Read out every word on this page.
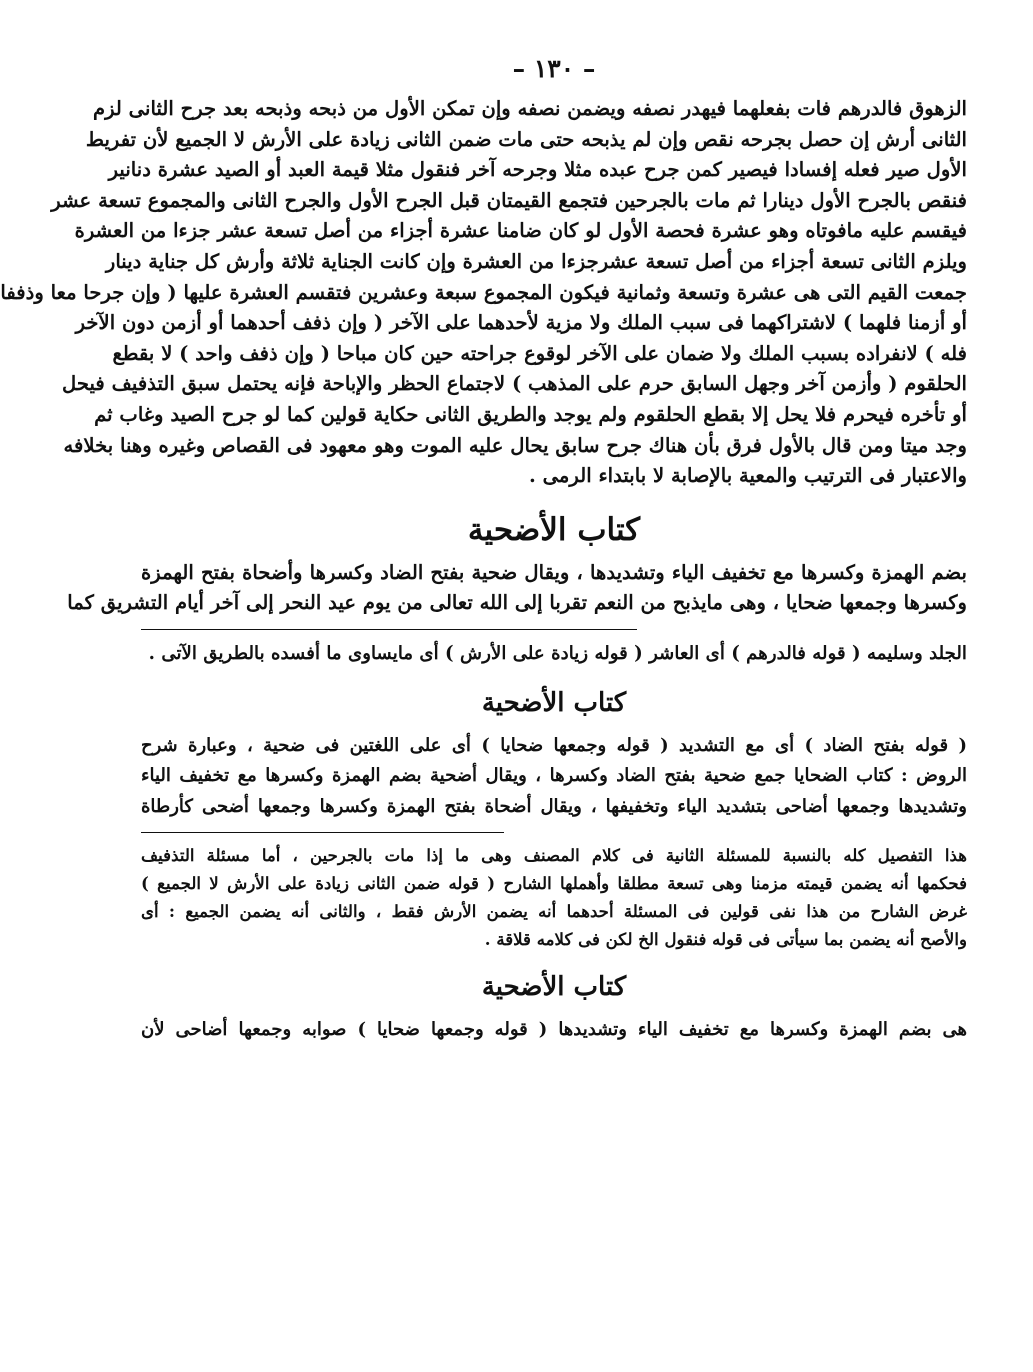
– ١٣٠ –
الزهوق فالدرهم فات بفعلهما فيهدر نصفه ويضمن نصفه وإن تمكن الأول من ذبحه وذبحه بعد جرح الثانى لزم
الثانى أرش إن حصل بجرحه نقص وإن لم يذبحه حتى مات ضمن الثانى زيادة على الأرش لا الجميع لأن تفريط
الأول صير فعله إفسادا فيصير كمن جرح عبده مثلا وجرحه آخر فنقول مثلا قيمة العبد أو الصيد عشرة دنانير
فنقص بالجرح الأول دينارا ثم مات بالجرحين فتجمع القيمتان قبل الجرح الأول والجرح الثانى والمجموع تسعة عشر
فيقسم عليه مافوتاه وهو عشرة فحصة الأول لو كان ضامنا عشرة أجزاء من أصل تسعة عشر جزءا من العشرة
ويلزم الثانى تسعة أجزاء من أصل تسعة عشرجزءا من العشرة وإن كانت الجناية ثلاثة وأرش كل جناية دينار
جمعت القيم التى هى عشرة وتسعة وثمانية فيكون المجموع سبعة وعشرين فتقسم العشرة عليها ( وإن جرحا معا وذففا
أو أزمنا فلهما ) لاشتراكهما فى سبب الملك ولا مزية لأحدهما على الآخر ( وإن ذفف أحدهما أو أزمن دون الآخر
فله ) لانفراده بسبب الملك ولا ضمان على الآخر لوقوع جراحته حين كان مباحا ( وإن ذفف واحد ) لا بقطع
الحلقوم ( وأزمن آخر وجهل السابق حرم على المذهب ) لاجتماع الحظر والإباحة فإنه يحتمل سبق التذفيف فيحل
أو تأخره فيحرم فلا يحل إلا بقطع الحلقوم ولم يوجد والطريق الثانى حكاية قولين كما لو جرح الصيد وغاب ثم
وجد ميتا ومن قال بالأول فرق بأن هناك جرح سابق يحال عليه الموت وهو معهود فى القصاص وغيره وهنا بخلافه
والاعتبار فى الترتيب والمعية بالإصابة لا بابتداء الرمى .
كتاب الأضحية
بضم الهمزة وكسرها مع تخفيف الياء وتشديدها ، ويقال ضحية بفتح الضاد وكسرها وأضحاة بفتح الهمزة
وكسرها وجمعها ضحايا ، وهى مايذبح من النعم تقربا إلى الله تعالى من يوم عيد النحر إلى آخر أيام التشريق كما
الجلد وسليمه ( قوله فالدرهم ) أى العاشر ( قوله زيادة على الأرش ) أى مايساوى ما أفسده بالطريق الآتى .
كتاب الأضحية
( قوله بفتح الضاد ) أى مع التشديد ( قوله وجمعها ضحايا ) أى على اللغتين فى ضحية ، وعبارة شرح
الروض : كتاب الضحايا جمع ضحية بفتح الضاد وكسرها ، ويقال أضحية بضم الهمزة وكسرها مع تخفيف الياء
وتشديدها وجمعها أضاحى بتشديد الياء وتخفيفها ، ويقال أضحاة بفتح الهمزة وكسرها وجمعها أضحى كأرطاة
هذا التفصيل كله بالنسبة للمسئلة الثانية فى كلام المصنف وهى ما إذا مات بالجرحين ، أما مسئلة التذفيف
فحكمها أنه يضمن قيمته مزمنا وهى تسعة مطلقا وأهملها الشارح ( قوله ضمن الثانى زيادة على الأرش لا الجميع )
غرض الشارح من هذا نفى قولين فى المسئلة أحدهما أنه يضمن الأرش فقط ، والثانى أنه يضمن الجميع : أى
والأصح أنه يضمن بما سيأتى فى قوله فنقول الخ لكن فى كلامه قلاقة .
كتاب الأضحية
هى بضم الهمزة وكسرها مع تخفيف الياء وتشديدها ( قوله وجمعها ضحايا ) صوابه وجمعها أضاحى لأن
